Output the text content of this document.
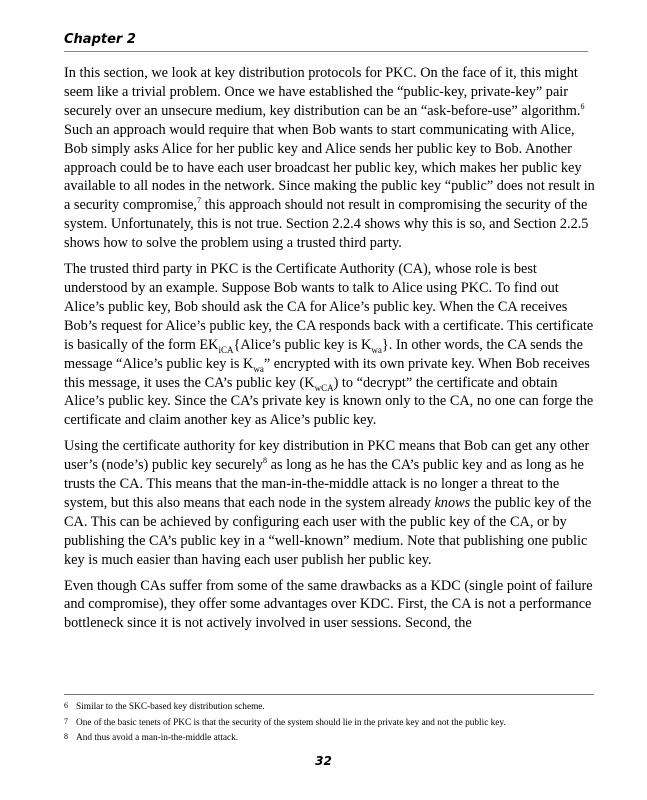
Chapter 2

In this section, we look at key distribution protocols for PKC. On the face of it, this might seem like a trivial problem. Once we have established the “public-key, private-key” pair securely over an unsecure medium, key distribution can be an “ask-before-use” algorithm.$^6$ Such an approach would require that when Bob wants to start communicating with Alice, Bob simply asks Alice for her public key and Alice sends her public key to Bob. Another approach could be to have each user broadcast her public key, which makes her public key available to all nodes in the network. Since making the public key “public” does not result in a security compromise,$^7$ this approach should not result in compromising the security of the system. Unfortunately, this is not true. Section 2.2.4 shows why this is so, and Section 2.2.5 shows how to solve the problem using a trusted third party.

The trusted third party in PKC is the Certificate Authority (CA), whose role is best understood by an example. Suppose Bob wants to talk to Alice using PKC. To find out Alice’s public key, Bob should ask the CA for Alice’s public key. When the CA receives Bob’s request for Alice’s public key, the CA responds back with a certificate. This certificate is basically of the form $EK_{iCA}\{Alice’s$ public key is $K_{wa}$}. In other words, the CA sends the message “Alice’s public key is $K_{wa}$” encrypted with its own private key. When Bob receives this message, it uses the CA’s public key $(K_{wCA})$ to “decrypt” the certificate and obtain Alice’s public key. Since the CA’s private key is known only to the CA, no one can forge the certificate and claim another key as Alice’s public key.

Using the certificate authority for key distribution in PKC means that Bob can get any other user’s (node’s) public key securely$^8$ as long as he has the CA’s public key and as long as he trusts the CA. This means that the man-in-the-middle attack is no longer a threat to the system, but this also means that each node in the system already knows the public key of the CA. This can be achieved by configuring each user with the public key of the CA, or by publishing the CA’s public key in a “well-known” medium. Note that publishing one public key is much easier than having each user publish her public key.

Even though CAs suffer from some of the same drawbacks as a KDC (single point of failure and compromise), they offer some advantages over KDC. First, the CA is not a performance bottleneck since it is not actively involved in user sessions. Second, the

6 Similar to the SKC-based key distribution scheme.
7 One of the basic tenets of PKC is that the security of the system should lie in the private key and not the public key.
8 And thus avoid a man-in-the-middle attack.
32
